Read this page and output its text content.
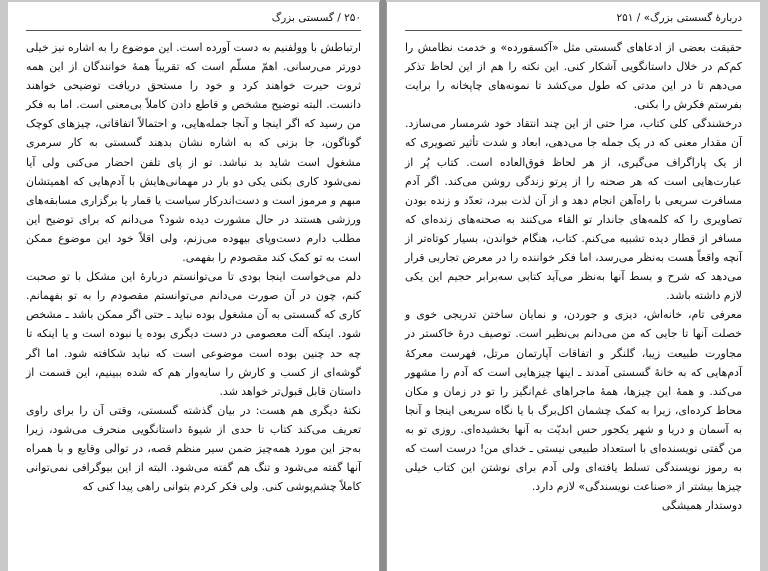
۲۵۰ / گسستی بزرگ

ارتباطش با وولفنیم به دست آورده است. این موضوع را به اشاره نیز خیلی دورتر می‌رسانی. اهمّ مسلّم است که تقریباً همهٔ خوانندگان از این همه ثروت حیرت خواهند کرد و خود را مستحق دریافت توضیحی خواهند دانست. البته توضیح مشخص و قاطع دادن کاملاً بی‌معنی است. اما به فکر من رسید که اگر اینجا و آنجا جمله‌هایی، و احتمالاً اتفاقاتی، چیزهای کوچک گوناگون، جا بزنی که به اشاره نشان بدهند گسستی به کار سرمری مشغول است شاید بد نباشد. تو از پای تلفن احضار می‌کنی ولی آیا نمی‌شود کاری بکنی یکی دو بار در مهمانی‌هایش با آدم‌هایی که اهمیتشان مبهم و مرموز است و دست‌اندرکار سیاست یا قمار یا برگزاری مسابقه‌های ورزشی هستند در حال مشورت دیده شود؟ می‌دانم که برای توضیح این مطلب دارم دست‌وپای بیهوده می‌زنم، ولی اقلاً خود این موضوع ممکن است به تو کمک کند مقصودم را بفهمی.

دلم می‌خواست اینجا بودی تا می‌توانستم دربارهٔ این مشکل با تو صحبت کنم، چون در آن صورت می‌دانم می‌توانستم مقصودم را به تو بفهمانم. کاری که گسستی به آن مشغول بوده نباید ـ حتی اگر ممکن باشد ـ مشخص شود. اینکه آلت معصومی در دست دیگری بوده یا نبوده است و یا اینکه تا چه حد چنین بوده است موضوعی است که نباید شکافته شود. اما اگر گوشه‌ای از کسب و کارش را سایه‌وار هم که شده ببینیم، این قسمت از داستان قابل قبول‌تر خواهد شد.

نکتهٔ دیگری هم هست: در بیان گذشته گسستی، وقتی آن را برای راوی تعریف می‌کند کتاب تا حدی از شیوهٔ داستانگویی منحرف می‌شود، زیرا به‌جز این مورد همه‌چیز ضمن سیر منظم قصه، در توالی وقایع و با همراه آنها گفته می‌شود و تنگ هم گفته می‌شود. البته از این بیوگرافی نمی‌توانی کاملاً چشم‌پوشی کنی. ولی فکر کردم بتوانی راهی پیدا کنی که

دربارهٔ گسستی بزرگ» / ۲۵۱

حقیقت بعضی از ادعاهای گسستی مثل «آکسفورده» و خدمت نظامش را کم‌کم در خلال داستانگویی آشکار کنی. این نکته را هم از این لحاظ تذکر می‌دهم تا در این مدتی که طول می‌کشد تا نمونه‌های چاپخانه را برایت بفرستم فکرش را بکنی.

درخشندگی کلی کتاب، مرا حتی از این چند انتقاد خود شرمسار می‌سازد. آن مقدار معنی که در یک جمله جا می‌دهی، ابعاد و شدت تأثیر تصویری که از یک پاراگراف می‌گیری، از هر لحاظ فوق‌العاده است. کتاب پُر از عبارت‌هایی است که هر صحنه را از پرتو زندگی روشن می‌کند. اگر آدم مسافرت سریعی با راه‌آهن انجام دهد و از آن لذت ببرد، تعدّد و زنده بودن تصاویری را که کلمه‌های جاندار تو القاء می‌کنند به صحنه‌های زنده‌ای که مسافر از قطار دیده تشبیه می‌کنم. کتاب، هنگام خواندن، بسیار کوتاه‌تر از آنچه واقعاً هست به‌نظر می‌رسد، اما فکر خواننده را در معرض تجاربی قرار می‌دهد که شرح و بسط آنها به‌نظر می‌آید کتابی سه‌برابر حجیم این یکی لازم داشته باشد.

معرفی تام، خانه‌اش، دیزی و جوردن، و نمایان ساختن تدریجی خوی و خصلت آنها تا جایی که من می‌دانم بی‌نظیر است. توصیف درهٔ خاکستر در مجاورت طبیعت زیبا، گلنگر و اتفاقات آپارتمان مرتل، فهرست معرکهٔ آدم‌هایی که به خانهٔ گسستی آمدند ـ اینها چیزهایی است که آدم را مشهور می‌کند. و همهٔ این چیزها، همهٔ ماجراهای غم‌انگیز را تو در زمان و مکان محاط کرده‌ای، زیرا به کمک چشمان اکل‌برگ با یا نگاه سریعی اینجا و آنجا به آسمان و دریا و شهر یکجور حس ابدیّت به آنها بخشیده‌ای. روزی تو به من گفتی نویسنده‌ای با استعداد طبیعی نیستی ـ خدای من! درست است که به رموز نویسندگی تسلط یافته‌ای ولی آدم برای نوشتن این کتاب خیلی چیزها بیشتر از «صناعت نویسندگی» لازم دارد.

دوستدار همیشگی
